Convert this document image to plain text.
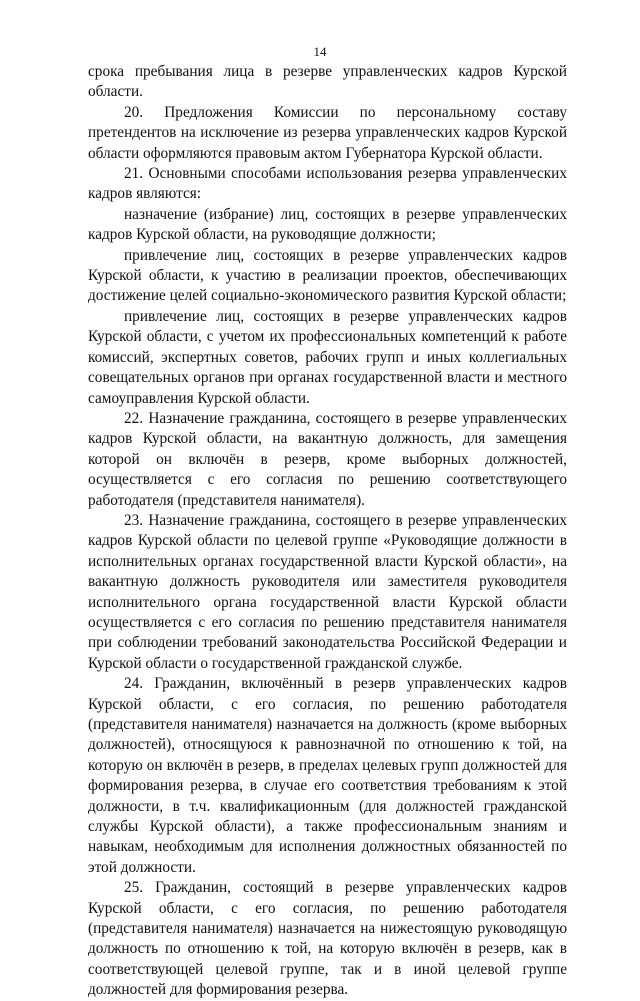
14

срока пребывания лица в резерве управленческих кадров Курской области.

20. Предложения Комиссии по персональному составу претендентов на исключение из резерва управленческих кадров Курской области оформляются правовым актом Губернатора Курской области.

21. Основными способами использования резерва управленческих кадров являются:

назначение (избрание) лиц, состоящих в резерве управленческих кадров Курской области, на руководящие должности;

привлечение лиц, состоящих в резерве управленческих кадров Курской области, к участию в реализации проектов, обеспечивающих достижение целей социально-экономического развития Курской области;

привлечение лиц, состоящих в резерве управленческих кадров Курской области, с учетом их профессиональных компетенций к работе комиссий, экспертных советов, рабочих групп и иных коллегиальных совещательных органов при органах государственной власти и местного самоуправления Курской области.

22. Назначение гражданина, состоящего в резерве управленческих кадров Курской области, на вакантную должность, для замещения которой он включён в резерв, кроме выборных должностей, осуществляется с его согласия по решению соответствующего работодателя (представителя нанимателя).

23. Назначение гражданина, состоящего в резерве управленческих кадров Курской области по целевой группе «Руководящие должности в исполнительных органах государственной власти Курской области», на вакантную должность руководителя или заместителя руководителя исполнительного органа государственной власти Курской области осуществляется с его согласия по решению представителя нанимателя при соблюдении требований законодательства Российской Федерации и Курской области о государственной гражданской службе.

24. Гражданин, включённый в резерв управленческих кадров Курской области, с его согласия, по решению работодателя (представителя нанимателя) назначается на должность (кроме выборных должностей), относящуюся к равнозначной по отношению к той, на которую он включён в резерв, в пределах целевых групп должностей для формирования резерва, в случае его соответствия требованиям к этой должности, в т.ч. квалификационным (для должностей гражданской службы Курской области), а также профессиональным знаниям и навыкам, необходимым для исполнения должностных обязанностей по этой должности.

25. Гражданин, состоящий в резерве управленческих кадров Курской области, с его согласия, по решению работодателя (представителя нанимателя) назначается на нижестоящую руководящую должность по отношению к той, на которую включён в резерв, как в соответствующей целевой группе, так и в иной целевой группе должностей для формирования резерва.
